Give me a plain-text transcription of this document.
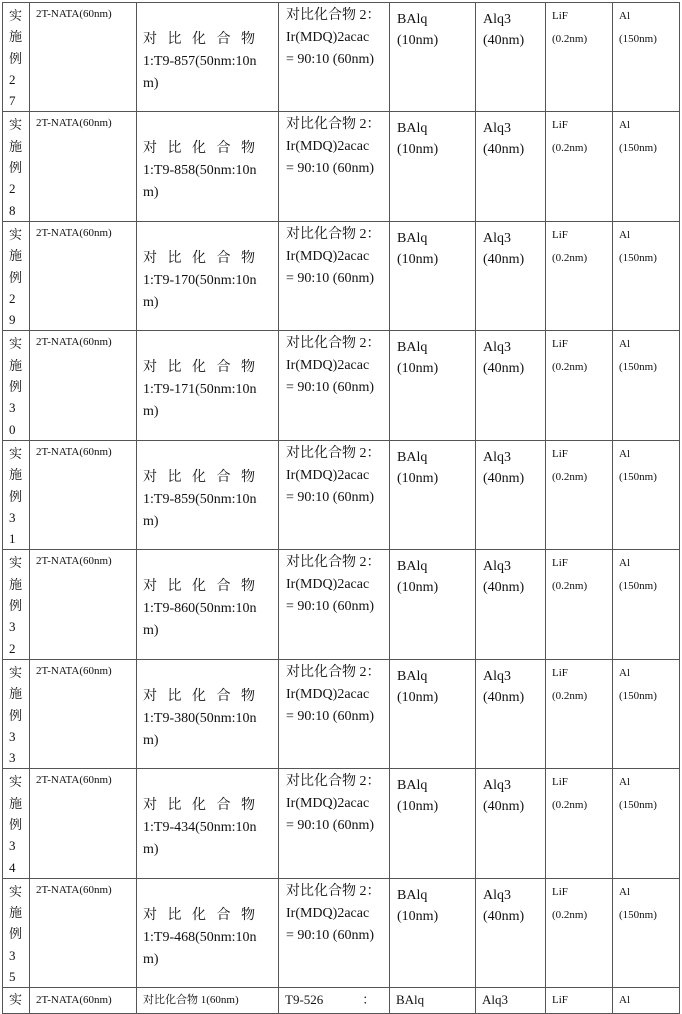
实
施
例
2
7	2T-NATA(60nm)	对比化合物
1:T9-857(50nm:10n
m)	对比化合物 2：
Ir(MDQ)2acac
= 90:10 (60nm)	BAlq
(10nm)	Alq3
(40nm)	LiF
(0.2nm)	Al
(150nm)

实
施
例
2
8	2T-NATA(60nm)	对比化合物
1:T9-858(50nm:10n
m)	对比化合物 2：
Ir(MDQ)2acac
= 90:10 (60nm)	BAlq
(10nm)	Alq3
(40nm)	LiF
(0.2nm)	Al
(150nm)

实
施
例
2
9	2T-NATA(60nm)	对比化合物
1:T9-170(50nm:10n
m)	对比化合物 2：
Ir(MDQ)2acac
= 90:10 (60nm)	BAlq
(10nm)	Alq3
(40nm)	LiF
(0.2nm)	Al
(150nm)

实
施
例
3
0	2T-NATA(60nm)	对比化合物
1:T9-171(50nm:10n
m)	对比化合物 2：
Ir(MDQ)2acac
= 90:10 (60nm)	BAlq
(10nm)	Alq3
(40nm)	LiF
(0.2nm)	Al
(150nm)

实
施
例
3
1	2T-NATA(60nm)	对比化合物
1:T9-859(50nm:10n
m)	对比化合物 2：
Ir(MDQ)2acac
= 90:10 (60nm)	BAlq
(10nm)	Alq3
(40nm)	LiF
(0.2nm)	Al
(150nm)

实
施
例
3
2	2T-NATA(60nm)	对比化合物
1:T9-860(50nm:10n
m)	对比化合物 2：
Ir(MDQ)2acac
= 90:10 (60nm)	BAlq
(10nm)	Alq3
(40nm)	LiF
(0.2nm)	Al
(150nm)

实
施
例
3
3	2T-NATA(60nm)	对比化合物
1:T9-380(50nm:10n
m)	对比化合物 2：
Ir(MDQ)2acac
= 90:10 (60nm)	BAlq
(10nm)	Alq3
(40nm)	LiF
(0.2nm)	Al
(150nm)

实
施
例
3
4	2T-NATA(60nm)	对比化合物
1:T9-434(50nm:10n
m)	对比化合物 2：
Ir(MDQ)2acac
= 90:10 (60nm)	BAlq
(10nm)	Alq3
(40nm)	LiF
(0.2nm)	Al
(150nm)

实
施
例
3
5	2T-NATA(60nm)	对比化合物
1:T9-468(50nm:10n
m)	对比化合物 2：
Ir(MDQ)2acac
= 90:10 (60nm)	BAlq
(10nm)	Alq3
(40nm)	LiF
(0.2nm)	Al
(150nm)

实	2T-NATA(60nm)	对比化合物 1(60nm)	T9-526　　　：	BAlq	Alq3	LiF	Al
